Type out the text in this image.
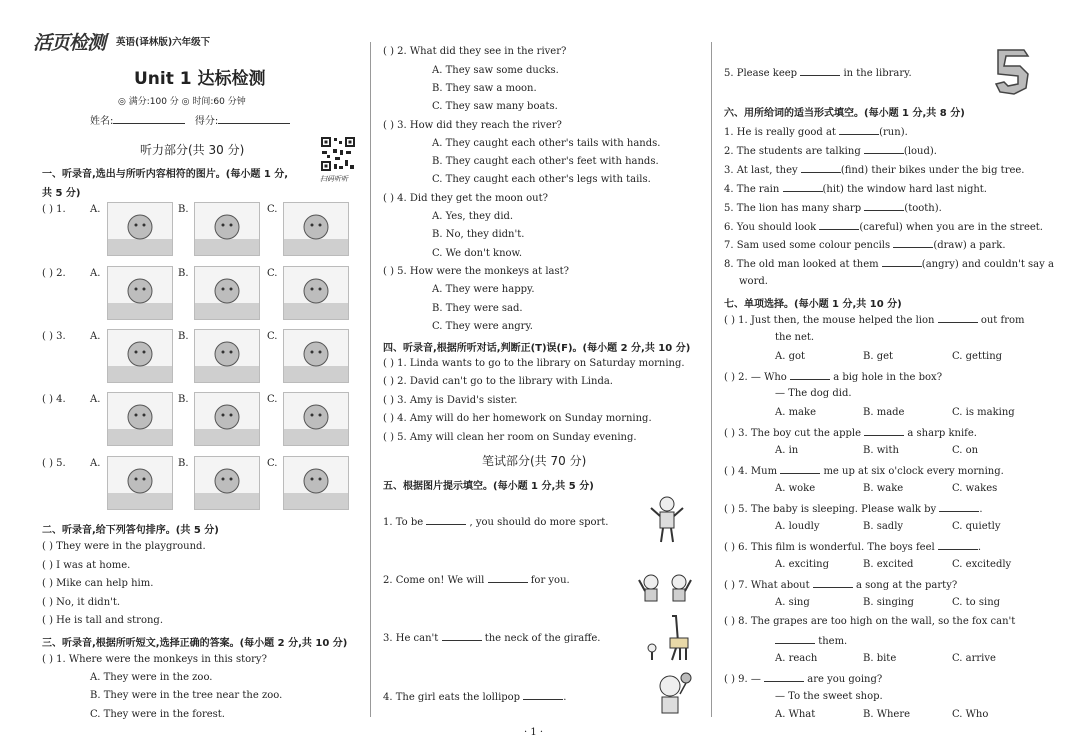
活页检测 英语(译林版)六年级下
Unit 1 达标检测
◎ 满分:100 分 ◎ 时间:60 分钟
姓名:	得分:
扫码听听
听力部分(共 30 分)
一、听录音,选出与所听内容相符的图片。(每小题 1 分,
共 5 分)
( ) 1. A.	B.	C.
( ) 2. A.	B.	C.
( ) 3. A.	B.	C.
( ) 4. A.	B.	C.
( ) 5. A.	B.	C.
二、听录音,给下列答句排序。(共 5 分)
( ) They were in the playground.
( ) I was at home.
( ) Mike can help him.
( ) No, it didn't.
( ) He is tall and strong.
三、听录音,根据所听短文,选择正确的答案。(每小题 2 分,共 10 分)
( ) 1. Where were the monkeys in this story?
A. They were in the zoo.
B. They were in the tree near the zoo.
C. They were in the forest.
( ) 2. What did they see in the river?
A. They saw some ducks.
B. They saw a moon.
C. They saw many boats.
( ) 3. How did they reach the river?
A. They caught each other's tails with hands.
B. They caught each other's feet with hands.
C. They caught each other's legs with tails.
( ) 4. Did they get the moon out?
A. Yes, they did.
B. No, they didn't.
C. We don't know.
( ) 5. How were the monkeys at last?
A. They were happy.
B. They were sad.
C. They were angry.
四、听录音,根据所听对话,判断正(T)误(F)。(每小题 2 分,共 10 分)
( ) 1. Linda wants to go to the library on Saturday morning.
( ) 2. David can't go to the library with Linda.
( ) 3. Amy is David's sister.
( ) 4. Amy will do her homework on Sunday morning.
( ) 5. Amy will clean her room on Sunday evening.
笔试部分(共 70 分)
五、根据图片提示填空。(每小题 1 分,共 5 分)
1. To be	, you should do more sport.
2. Come on! We will	for you.
3. He can't	the neck of the giraffe.
4. The girl eats the lollipop	.
5. Please keep	in the library.
六、用所给词的适当形式填空。(每小题 1 分,共 8 分)
1. He is really good at	(run).
2. The students are talking	(loud).
3. At last, they	(find) their bikes under the big tree.
4. The rain	(hit) the window hard last night.
5. The lion has many sharp	(tooth).
6. You should look	(careful) when you are in the street.
7. Sam used some colour pencils	(draw) a park.
8. The old man looked at them	(angry) and couldn't say a
word.
七、单项选择。(每小题 1 分,共 10 分)
( ) 1. Just then, the mouse helped the lion	out from
the net.
A. got	B. get	C. getting
( ) 2. — Who	a big hole in the box?
— The dog did.
A. make	B. made	C. is making
( ) 3. The boy cut the apple	a sharp knife.
A. in	B. with	C. on
( ) 4. Mum	me up at six o'clock every morning.
A. woke	B. wake	C. wakes
( ) 5. The baby is sleeping. Please walk by	.
A. loudly	B. sadly	C. quietly
( ) 6. This film is wonderful. The boys feel	.
A. exciting	B. excited	C. excitedly
( ) 7. What about	a song at the party?
A. sing	B. singing	C. to sing
( ) 8. The grapes are too high on the wall, so the fox can't
them.
A. reach	B. bite	C. arrive
( ) 9. —	are you going?
— To the sweet shop.
A. What	B. Where	C. Who
· 1 ·
